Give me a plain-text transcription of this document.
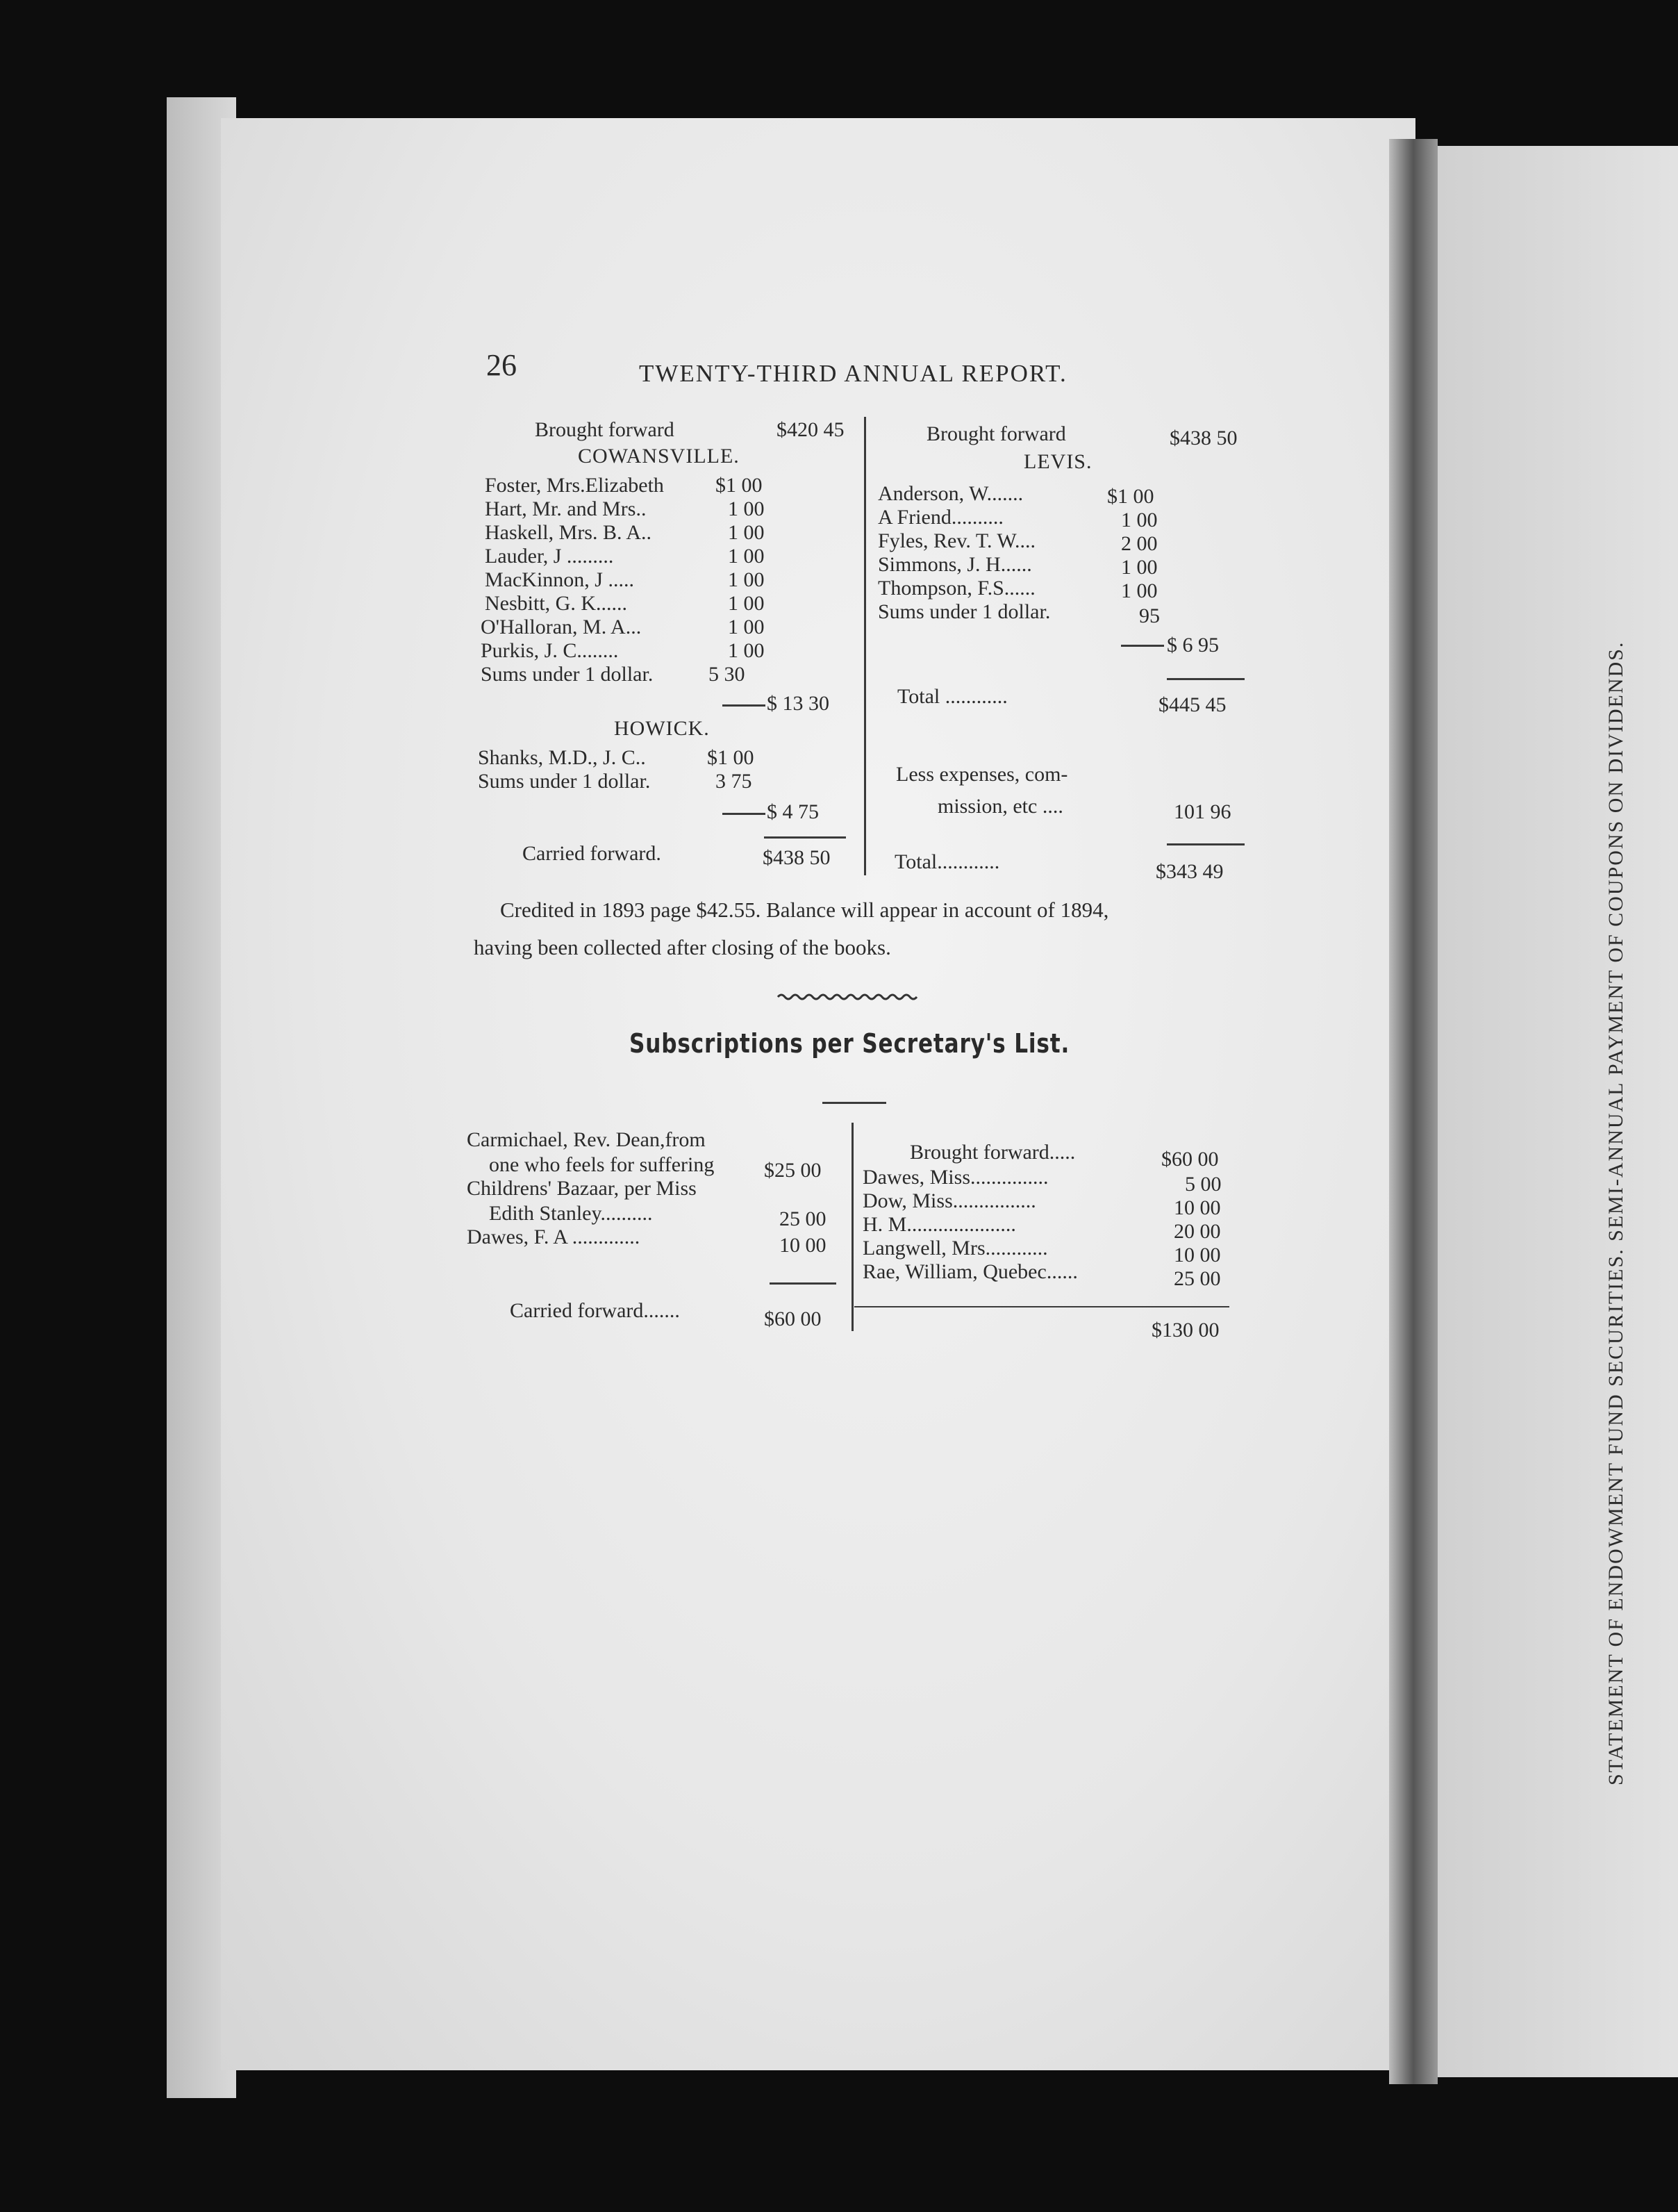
STATEMENT OF ENDOWMENT FUND SECURITIES. SEMI-ANNUAL PAYMENT OF COUPONS ON DIVIDENDS.
26	TWENTY-THIRD ANNUAL REPORT.
Brought forward	$420 45
COWANSVILLE.
Foster, Mrs.Elizabeth $1 00
Hart, Mr. and Mrs..	1 00
Haskell, Mrs. B. A..	1 00
Lauder, J .........	1 00
MacKinnon, J .....	1 00
Nesbitt, G. K......	1 00
O'Halloran, M. A...	1 00
Purkis, J. C........	1 00
Sums under 1 dollar.	5 30
$ 13 30
HOWICK.
Shanks, M.D., J. C..	$1 00
Sums under 1 dollar.	3 75
$ 4 75
Carried forward.	$438 50
Brought forward	$438 50
LEVIS.
Anderson, W.......	$1 00
A Friend..........	1 00
Fyles, Rev. T. W....	2 00
Simmons, J. H......	1 00
Thompson, F.S......	1 00
Sums under 1 dollar.	95
$ 6 95
Total ............	$445 45
Less expenses, com-
mission, etc ....	101 96
Total............	$343 49
Credited in 1893 page $42.55. Balance will appear in account of 1894,
having been collected after closing of the books.
Subscriptions per Secretary's List.
Carmichael, Rev. Dean,from
one who feels for suffering $25 00
Childrens' Bazaar, per Miss
Edith Stanley..........	25 00
Dawes, F. A .............	10 00
Carried forward.......	$60 00
Brought forward.....	$60 00
Dawes, Miss...............	5 00
Dow, Miss................	10 00
H. M.....................	20 00
Langwell, Mrs............	10 00
Rae, William, Quebec......	25 00
$130 00
